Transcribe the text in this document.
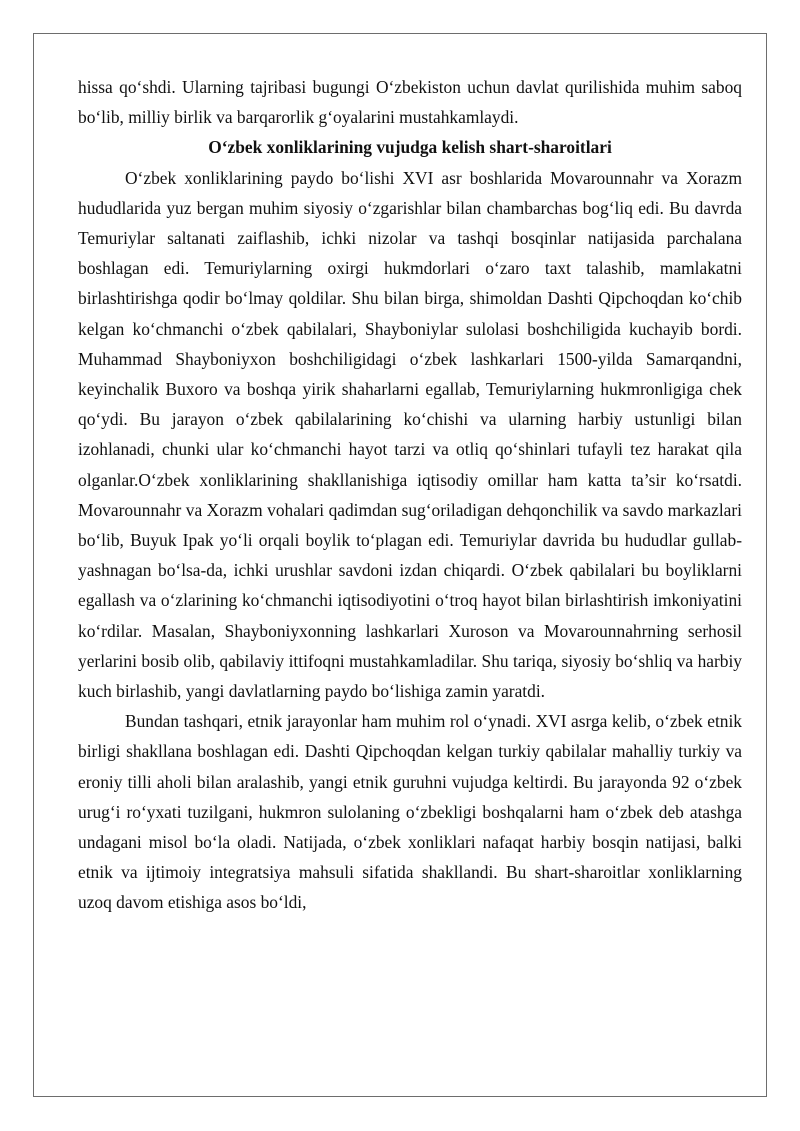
hissa qo‘shdi. Ularning tajribasi bugungi O‘zbekiston uchun davlat qurilishida muhim saboq bo‘lib, milliy birlik va barqarorlik g‘oyalarini mustahkamlaydi.

O‘zbek xonliklarining vujudga kelish shart-sharoitlari

O‘zbek xonliklarining paydo bo‘lishi XVI asr boshlarida Movarounnahr va Xorazm hududlarida yuz bergan muhim siyosiy o‘zgarishlar bilan chambarchas bog‘liq edi. Bu davrda Temuriylar saltanati zaiflashib, ichki nizolar va tashqi bosqinlar natijasida parchalana boshlagan edi. Temuriylarning oxirgi hukmdorlari o‘zaro taxt talashib, mamlakatni birlashtirishga qodir bo‘lmay qoldilar. Shu bilan birga, shimoldan Dashti Qipchoqdan ko‘chib kelgan ko‘chmanchi o‘zbek qabilalari, Shayboniylar sulolasi boshchiligida kuchayib bordi. Muhammad Shayboniyxon boshchiligidagi o‘zbek lashkarlari 1500-yilda Samarqandni, keyinchalik Buxoro va boshqa yirik shaharlarni egallab, Temuriylarning hukmronligiga chek qo‘ydi. Bu jarayon o‘zbek qabilalarining ko‘chishi va ularning harbiy ustunligi bilan izohlanadi, chunki ular ko‘chmanchi hayot tarzi va otliq qo‘shinlari tufayli tez harakat qila olganlar.O‘zbek xonliklarining shakllanishiga iqtisodiy omillar ham katta ta’sir ko‘rsatdi. Movarounnahr va Xorazm vohalari qadimdan sug‘oriladigan dehqonchilik va savdo markazlari bo‘lib, Buyuk Ipak yo‘li orqali boylik to‘plagan edi. Temuriylar davrida bu hududlar gullab-yashnagan bo‘lsa-da, ichki urushlar savdoni izdan chiqardi. O‘zbek qabilalari bu boyliklarni egallash va o‘zlarining ko‘chmanchi iqtisodiyotini o‘troq hayot bilan birlashtirish imkoniyatini ko‘rdilar. Masalan, Shayboniyxonning lashkarlari Xuroson va Movarounnahrning serhosil yerlarini bosib olib, qabilaviy ittifoqni mustahkamladilar. Shu tariqa, siyosiy bo‘shliq va harbiy kuch birlashib, yangi davlatlarning paydo bo‘lishiga zamin yaratdi.

Bundan tashqari, etnik jarayonlar ham muhim rol o‘ynadi. XVI asrga kelib, o‘zbek etnik birligi shakllana boshlagan edi. Dashti Qipchoqdan kelgan turkiy qabilalar mahalliy turkiy va eroniy tilli aholi bilan aralashib, yangi etnik guruhni vujudga keltirdi. Bu jarayonda 92 o‘zbek urug‘i ro‘yxati tuzilgani, hukmron sulolaning o‘zbekligi boshqalarni ham o‘zbek deb atashga undagani misol bo‘la oladi. Natijada, o‘zbek xonliklari nafaqat harbiy bosqin natijasi, balki etnik va ijtimoiy integratsiya mahsuli sifatida shakllandi. Bu shart-sharoitlar xonliklarning uzoq davom etishiga asos bo‘ldi,
